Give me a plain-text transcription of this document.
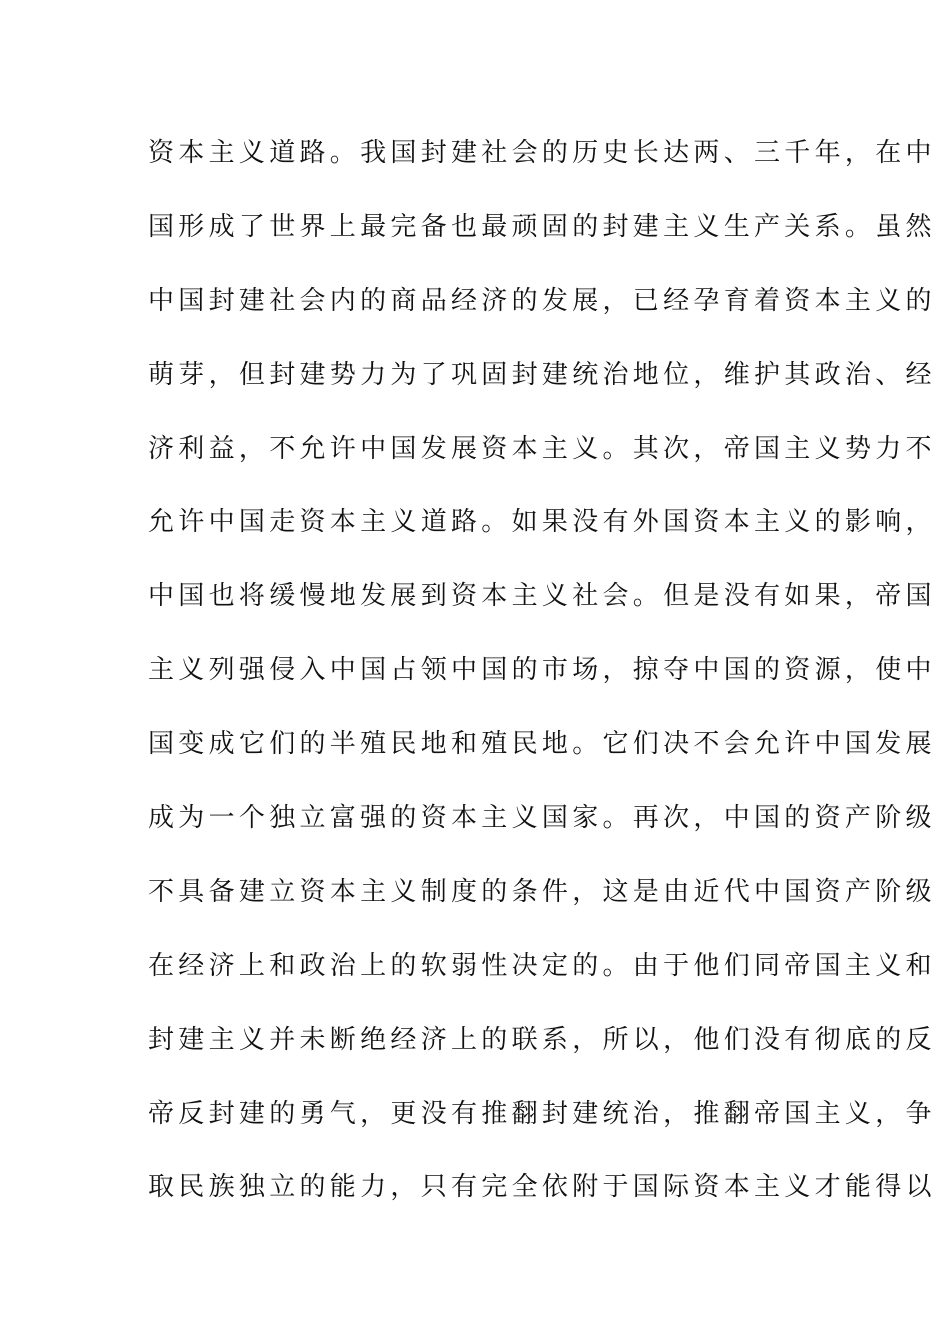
资本主义道路。我国封建社会的历史长达两、三千年，在中
国形成了世界上最完备也最顽固的封建主义生产关系。虽然
中国封建社会内的商品经济的发展，已经孕育着资本主义的
萌芽，但封建势力为了巩固封建统治地位，维护其政治、经
济利益，不允许中国发展资本主义。其次，帝国主义势力不
允许中国走资本主义道路。如果没有外国资本主义的影响，
中国也将缓慢地发展到资本主义社会。但是没有如果，帝国
主义列强侵入中国占领中国的市场，掠夺中国的资源，使中
国变成它们的半殖民地和殖民地。它们决不会允许中国发展
成为一个独立富强的资本主义国家。再次，中国的资产阶级
不具备建立资本主义制度的条件，这是由近代中国资产阶级
在经济上和政治上的软弱性决定的。由于他们同帝国主义和
封建主义并未断绝经济上的联系，所以，他们没有彻底的反
帝反封建的勇气，更没有推翻封建统治，推翻帝国主义，争
取民族独立的能力，只有完全依附于国际资本主义才能得以
